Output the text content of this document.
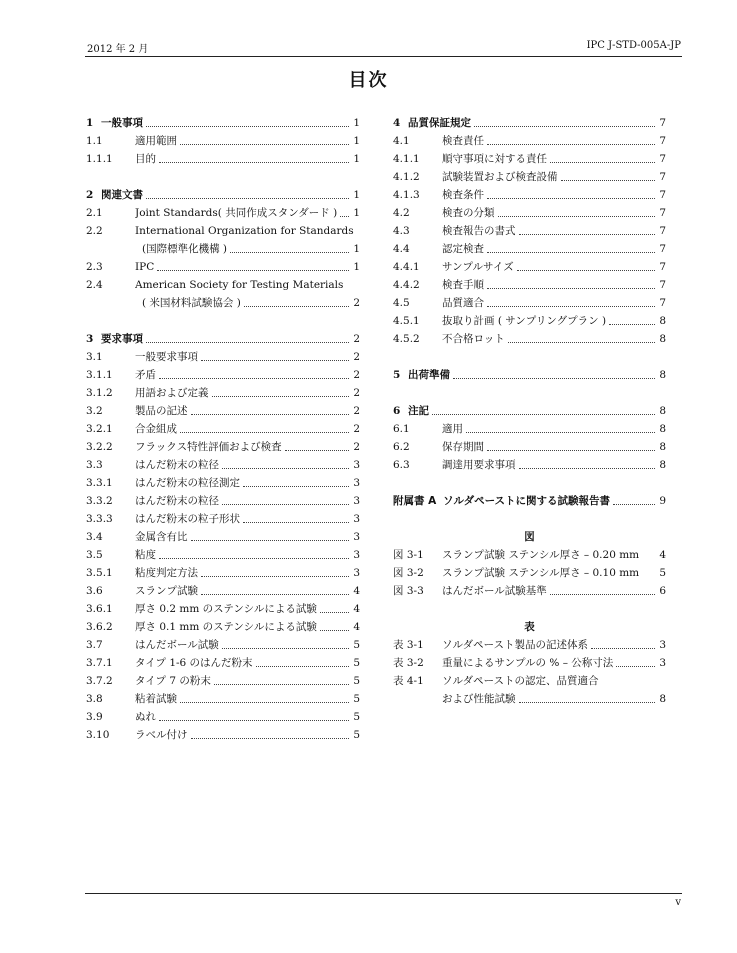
2012 年 2 月	IPC J-STD-005A-JP
目次
1 一般事項	1
1.1	適用範囲	1
1.1.1	目的	1
2 関連文書	1
2.1	Joint Standards( 共同作成スタンダード ) 1
2.2	International Organization for Standards
(国際標準化機構 )	1
2.3	IPC	1
2.4	American Society for Testing Materials
( 米国材料試験協会 )	2
3 要求事項	2
3.1	一般要求事項	2
3.1.1	矛盾	2
3.1.2	用語および定義	2
3.2	製品の記述	2
3.2.1	合金組成	2
3.2.2	フラックス特性評価および検査	2
3.3	はんだ粉末の粒径	3
3.3.1	はんだ粉末の粒径測定	3
3.3.2	はんだ粉末の粒径	3
3.3.3	はんだ粉末の粒子形状	3
3.4	金属含有比	3
3.5	粘度	3
3.5.1	粘度判定方法	3
3.6	スランプ試験	4
3.6.1	厚さ 0.2 mm のステンシルによる試験	4
3.6.2	厚さ 0.1 mm のステンシルによる試験	4
3.7	はんだボール試験	5
3.7.1	タイプ 1-6 のはんだ粉末	5
3.7.2	タイプ 7 の粉末	5
3.8	粘着試験	5
3.9	ぬれ	5
3.10	ラベル付け	5
4 品質保証規定	7
4.1	検査責任	7
4.1.1	順守事項に対する責任	7
4.1.2	試験装置および検査設備	7
4.1.3	検査条件	7
4.2	検査の分類	7
4.3	検査報告の書式	7
4.4	認定検査	7
4.4.1	サンプルサイズ	7
4.4.2	検査手順	7
4.5	品質適合	7
4.5.1	抜取り計画 ( サンプリングプラン )	8
4.5.2	不合格ロット	8
5 出荷準備	8
6 注記	8
6.1	適用	8
6.2	保存期間	8
6.3	調達用要求事項	8
附属書 A ソルダペーストに関する試験報告書	9
図
図 3-1	スランプ試験 ステンシル厚さ – 0.20 mm 4
図 3-2	スランプ試験 ステンシル厚さ – 0.10 mm 5
図 3-3	はんだボール試験基準	6
表
表 3-1	ソルダペースト製品の記述体系	3
表 3-2	重量によるサンプルの % – 公称寸法	3
表 4-1	ソルダペーストの認定、品質適合
および性能試験	8
v
